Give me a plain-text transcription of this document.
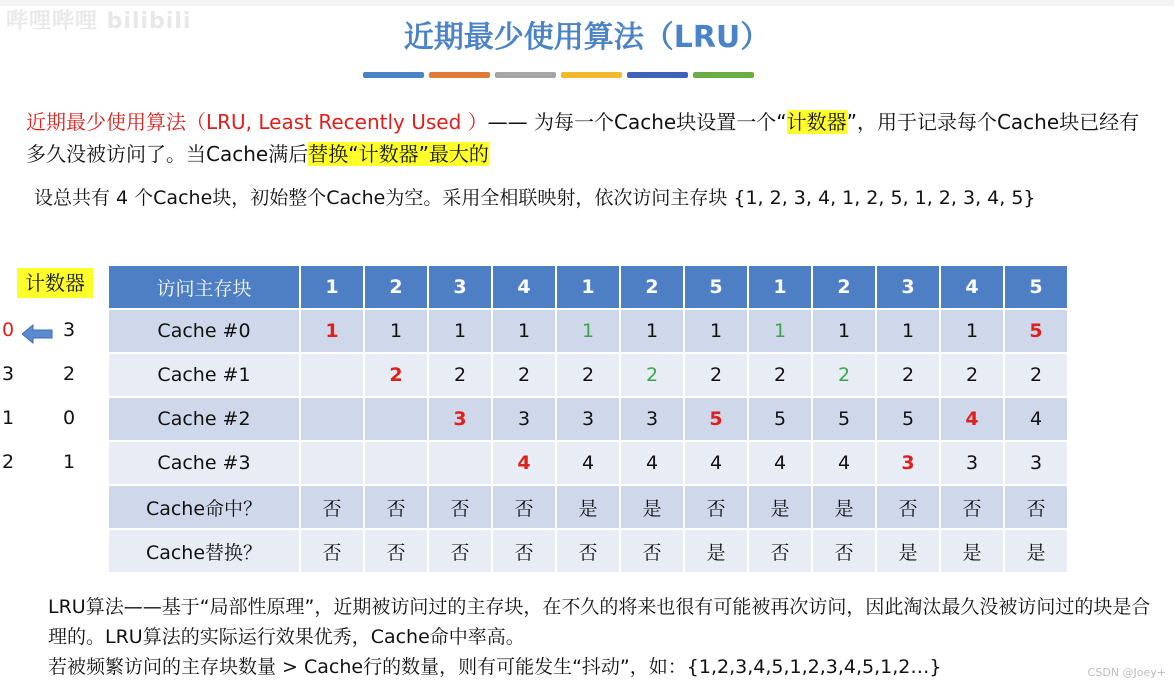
哔哩哔哩 bilibili	近期最少使用算法（LRU）
近期最少使用算法（LRU, Least Recently Used ）—— 为每一个Cache块设置一个“计数器”，用于记录每个Cache块已经有多久没被访问了。当Cache满后替换“计数器”最大的
设总共有 4 个Cache块，初始整个Cache为空。采用全相联映射，依次访问主存块 {1, 2, 3, 4, 1, 2, 5, 1, 2, 3, 4, 5}
计数器
0	3
3	2
1	0
2	1
访问主存块	1	2	3	4	1	2	5	1	2	3	4	5
Cache #0	1	1	1	1	1	1	1	1	1	1	1	5
Cache #1		2	2	2	2	2	2	2	2	2	2	2
Cache #2			3	3	3	3	5	5	5	5	4	4
Cache #3				4	4	4	4	4	4	3	3	3
Cache命中？	否	否	否	否	是	是	否	是	是	否	否	否
Cache替换？	否	否	否	否	否	否	是	否	否	是	是	是
LRU算法——基于“局部性原理”，近期被访问过的主存块，在不久的将来也很有可能被再次访问，因此淘汰最久没被访问过的块是合理的。LRU算法的实际运行效果优秀，Cache命中率高。
若被频繁访问的主存块数量 > Cache行的数量，则有可能发生“抖动”，如：{1,2,3,4,5,1,2,3,4,5,1,2…}	CSDN @Joey+
